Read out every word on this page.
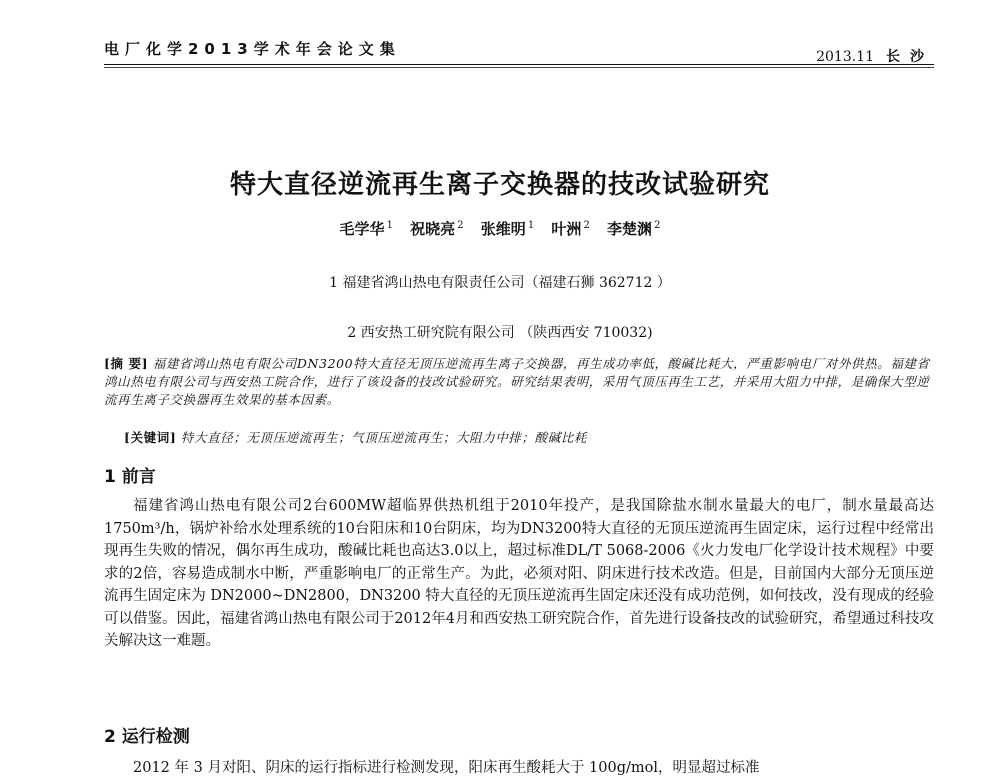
电厂化学2013学术年会论文集	2013.11 长沙
特大直径逆流再生离子交换器的技改试验研究
毛学华 $^1$ 祝晓亮 $^2$ 张维明 $^1$ 叶洲 $^2$ 李楚渊 $^2$

1 福建省鸿山热电有限责任公司（福建石狮 362712 ）

2 西安热工研究院有限公司 （陕西西安 710032)

[摘 要] 福建省鸿山热电有限公司DN3200特大直径无顶压逆流再生离子交换器，再生成功率低，酸碱比耗大，严重影响电厂对外供热。福建省鸿山热电有限公司与西安热工院合作，进行了该设备的技改试验研究。研究结果表明，采用气顶压再生工艺，并采用大阻力中排，是确保大型逆流再生离子交换器再生效果的基本因素。

[关键词] 特大直径；无顶压逆流再生；气顶压逆流再生；大阻力中排；酸碱比耗

1 前言

福建省鸿山热电有限公司2台600MW超临界供热机组于2010年投产，是我国除盐水制水量最大的电厂，制水量最高达1750m³/h，锅炉补给水处理系统的10台阳床和10台阴床，均为DN3200特大直径的无顶压逆流再生固定床，运行过程中经常出现再生失败的情况，偶尔再生成功，酸碱比耗也高达3.0以上，超过标准DL/T 5068-2006《火力发电厂化学设计技术规程》中要求的2倍，容易造成制水中断，严重影响电厂的正常生产。为此，必须对阳、阴床进行技术改造。但是，目前国内大部分无顶压逆流再生固定床为 DN2000~DN2800，DN3200 特大直径的无顶压逆流再生固定床还没有成功范例，如何技改，没有现成的经验可以借鉴。因此，福建省鸿山热电有限公司于2012年4月和西安热工研究院合作，首先进行设备技改的试验研究，希望通过科技攻关解决这一难题。

2 运行检测

2012 年 3 月对阳、阴床的运行指标进行检测发现，阳床再生酸耗大于 100g/mol，明显超过标准
